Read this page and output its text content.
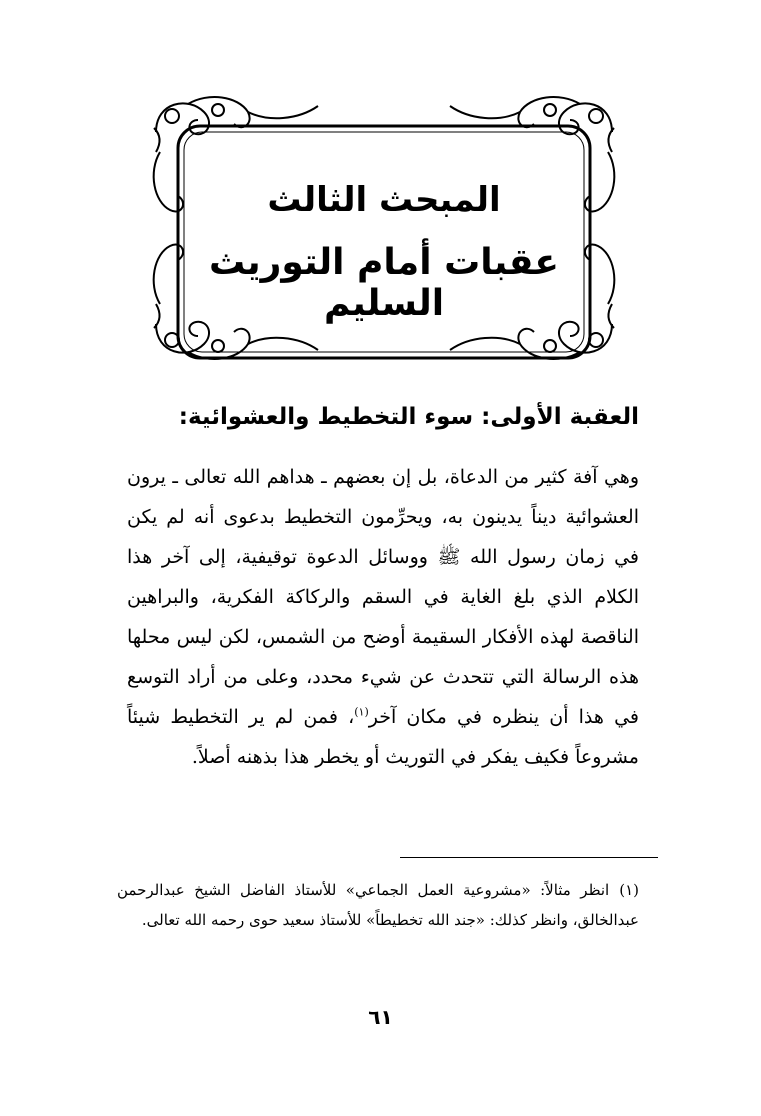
المبحث الثالث
عقبات أمام التوريث السليم
العقبة الأولى: سوء التخطيط والعشوائية:

وهي آفة كثير من الدعاة، بل إن بعضهم ـ هداهم الله تعالى ـ يرون العشوائية ديناً يدينون به، ويحرِّمون التخطيط بدعوى أنه لم يكن في زمان رسول الله ﷺ ووسائل الدعوة توقيفية، إلى آخر هذا الكلام الذي بلغ الغاية في السقم والركاكة الفكرية، والبراهين الناقصة لهذه الأفكار السقيمة أوضح من الشمس، لكن ليس محلها هذه الرسالة التي تتحدث عن شيء محدد، وعلى من أراد التوسع في هذا أن ينظره في مكان آخر$^{(١)}$، فمن لم ير التخطيط شيئاً مشروعاً فكيف يفكر في التوريث أو يخطر هذا بذهنه أصلاً.

(١)انظر مثالاً: «مشروعية العمل الجماعي» للأستاذ الفاضل الشيخ عبدالرحمن عبدالخالق، وانظر كذلك: «جند الله تخطيطاً» للأستاذ سعيد حوى رحمه الله تعالى.

٦١
